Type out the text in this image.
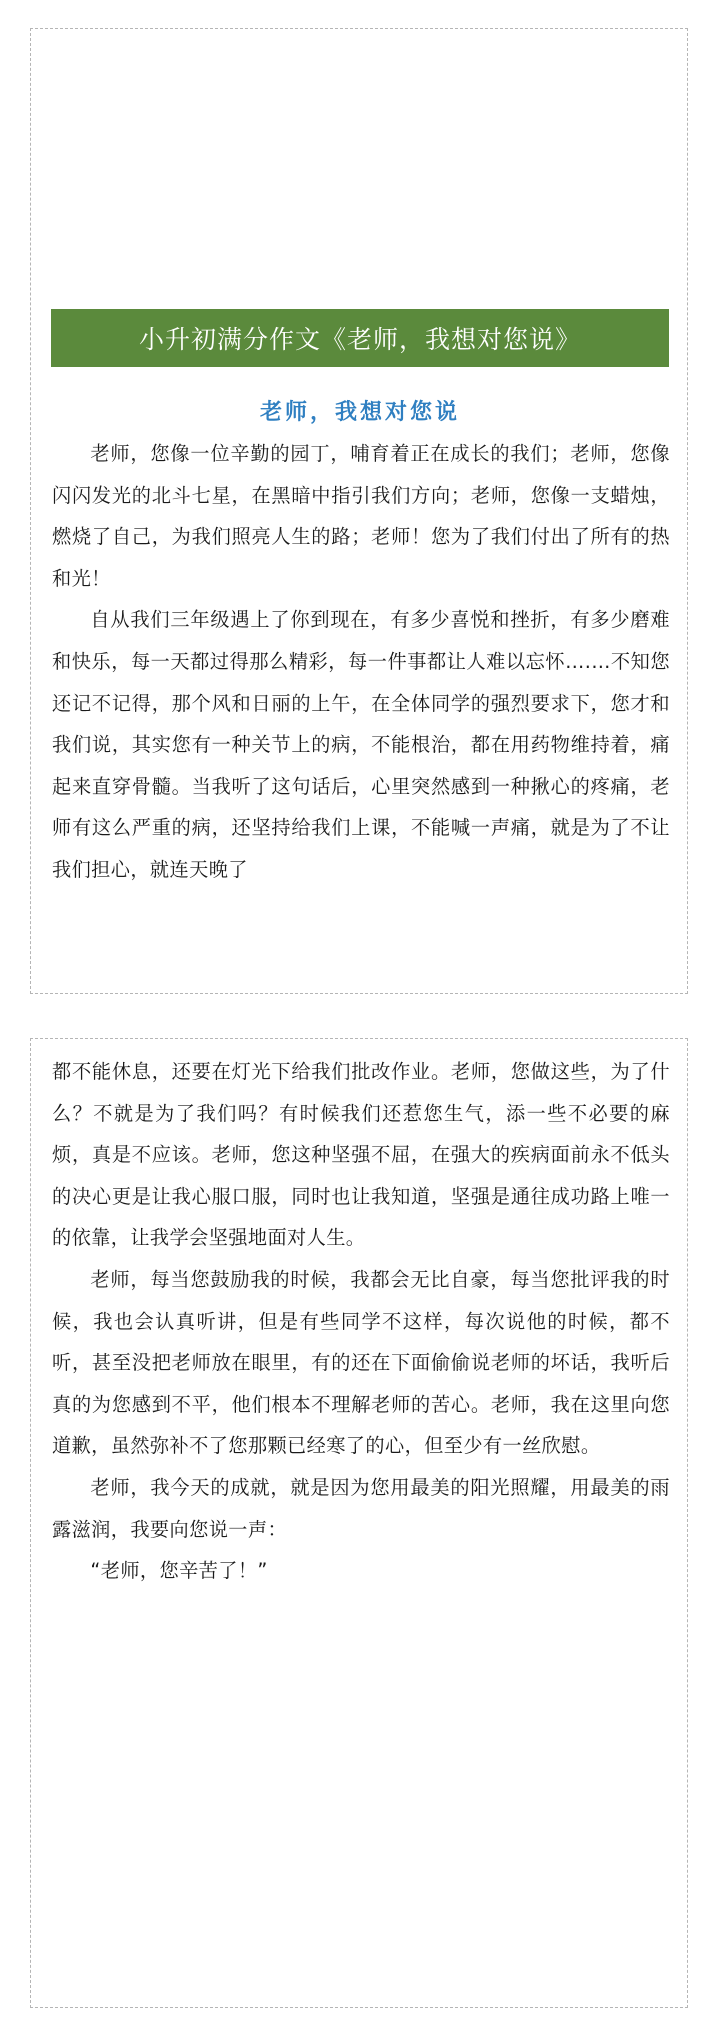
小升初满分作文《老师，我想对您说》
老师，我想对您说

老师，您像一位辛勤的园丁，哺育着正在成长的我们；老师，您像闪闪发光的北斗七星，在黑暗中指引我们方向；老师，您像一支蜡烛，燃烧了自己，为我们照亮人生的路；老师！您为了我们付出了所有的热和光！

自从我们三年级遇上了你到现在，有多少喜悦和挫折，有多少磨难和快乐，每一天都过得那么精彩，每一件事都让人难以忘怀….…不知您还记不记得，那个风和日丽的上午，在全体同学的强烈要求下，您才和我们说，其实您有一种关节上的病，不能根治，都在用药物维持着，痛起来直穿骨髓。当我听了这句话后，心里突然感到一种揪心的疼痛，老师有这么严重的病，还坚持给我们上课，不能喊一声痛，就是为了不让我们担心，就连天晚了

都不能休息，还要在灯光下给我们批改作业。老师，您做这些，为了什么？不就是为了我们吗？有时候我们还惹您生气，添一些不必要的麻烦，真是不应该。老师，您这种坚强不屈，在强大的疾病面前永不低头的决心更是让我心服口服，同时也让我知道，坚强是通往成功路上唯一的依靠，让我学会坚强地面对人生。

老师，每当您鼓励我的时候，我都会无比自豪，每当您批评我的时候，我也会认真听讲，但是有些同学不这样，每次说他的时候，都不听，甚至没把老师放在眼里，有的还在下面偷偷说老师的坏话，我听后真的为您感到不平，他们根本不理解老师的苦心。老师，我在这里向您道歉，虽然弥补不了您那颗已经寒了的心，但至少有一丝欣慰。

老师，我今天的成就，就是因为您用最美的阳光照耀，用最美的雨露滋润，我要向您说一声：

“老师，您辛苦了！”
